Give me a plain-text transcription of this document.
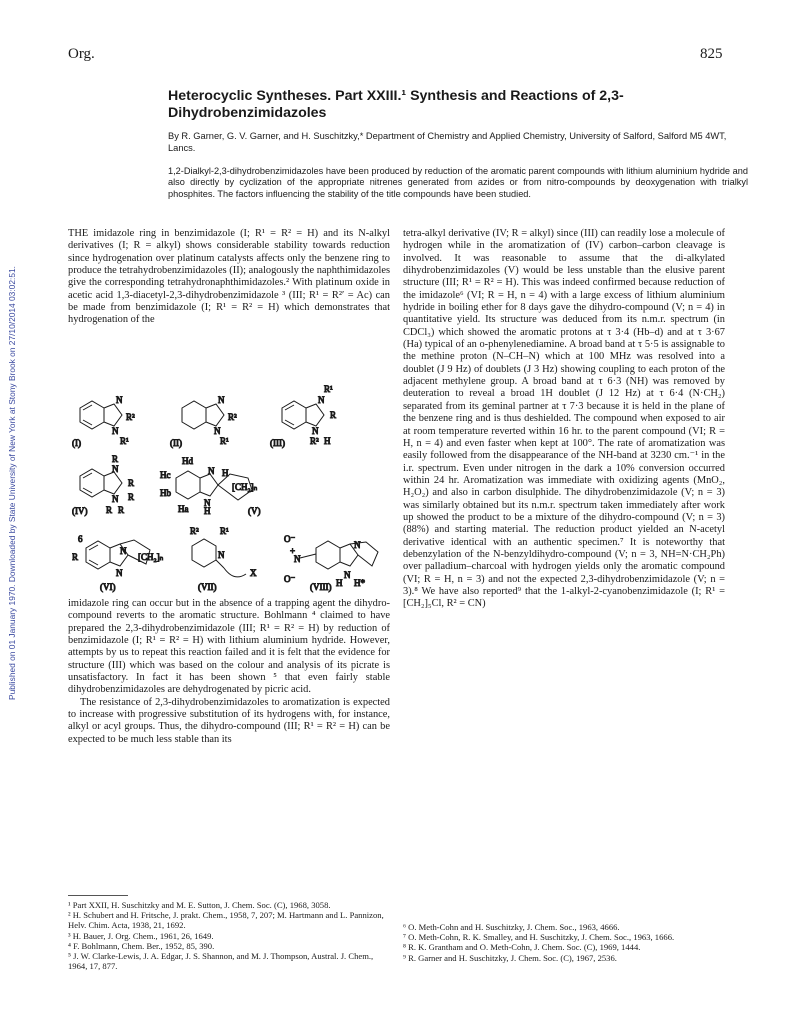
Published on 01 January 1970. Downloaded by State University of New York at Stony Brook on 27/10/2014 03:02:51.
Org.	825
Heterocyclic Syntheses. Part XXIII.¹ Synthesis and Reactions of 2,3-Dihydrobenzimidazoles
By R. Garner, G. V. Garner, and H. Suschitzky,* Department of Chemistry and Applied Chemistry, University of Salford, Salford M5 4WT, Lancs.
1,2-Dialkyl-2,3-dihydrobenzimidazoles have been produced by reduction of the aromatic parent compounds with lithium aluminium hydride and also directly by cyclization of the appropriate nitrenes generated from azides or from nitro-compounds by deoxygenation with trialkyl phosphites. The factors influencing the stability of the title compounds have been studied.

THE imidazole ring in benzimidazole (I; R¹ = R² = H) and its N-alkyl derivatives (I; R = alkyl) shows considerable stability towards reduction since hydrogenation over platinum catalysts affects only the benzene ring to produce the tetrahydrobenzimidazoles (II); analogously the naphthimidazoles give the corresponding tetrahydronaphthimidazoles.² With platinum oxide in acetic acid 1,3-diacetyl-2,3-dihydrobenzimidazole ³ (III; R¹ = R²′ = Ac) can be made from benzimidazole (I; R¹ = R² = H) which demonstrates that hydrogenation of the

N
N
R¹
R²
(I)
N
N
R¹
R²
(II)
R¹
N
R
N
R² H
(III)
R
N
R
R
N
R R
(IV)
Hd
Hc
Hb
Ha
N H
N
H
[CH₂]ₙ
(V)
6
R
N
N
[CH₂]ₙ
(VI)
R² R¹
N
X
(VII)
O⁻
N
O⁻
+
N
N
H H*
(VIII)

imidazole ring can occur but in the absence of a trapping agent the dihydro-compound reverts to the aromatic structure. Bohlmann ⁴ claimed to have prepared the 2,3-dihydrobenzimidazole (III; R¹ = R² = H) by reduction of benzimidazole (I; R¹ = R² = H) with lithium aluminium hydride. However, attempts by us to repeat this reaction failed and it is felt that the evidence for structure (III) which was based on the colour and analysis of its picrate is unsatisfactory. In fact it has been shown ⁵ that even fairly stable dihydrobenzimidazoles are dehydrogenated by picric acid.

The resistance of 2,3-dihydrobenzimidazoles to aromatization is expected to increase with progressive substitution of its hydrogens with, for instance, alkyl or acyl groups. Thus, the dihydro-compound (III; R¹ = R² = H) can be expected to be much less stable than its

tetra-alkyl derivative (IV; R = alkyl) since (III) can readily lose a molecule of hydrogen while in the aromatization of (IV) carbon–carbon cleavage is involved. It was reasonable to assume that the di-alkylated dihydrobenzimidazoles (V) would be less unstable than the elusive parent structure (III; R¹ = R² = H). This was indeed confirmed because reduction of the imidazole⁶ (VI; R = H, n = 4) with a large excess of lithium aluminium hydride in boiling ether for 8 days gave the dihydro-compound (V; n = 4) in quantitative yield. Its structure was deduced from its n.m.r. spectrum (in CDCl₃) which showed the aromatic protons at τ 3·4 (Hb–d) and at τ 3·67 (Ha) typical of an o-phenylenediamine. A broad band at τ 5·5 is assignable to the methine proton (N–CH–N) which at 100 MHz was resolved into a doublet (J 9 Hz) of doublets (J 3 Hz) showing coupling to each proton of the adjacent methylene group. A broad band at τ 6·3 (NH) was removed by deuteration to reveal a broad 1H doublet (J 12 Hz) at τ 6·4 (N·CH₂) separated from its geminal partner at τ 7·3 because it is held in the plane of the benzene ring and is thus deshielded. The compound when exposed to air at room temperature reverted within 16 hr. to the parent compound (VI; R = H, n = 4) and even faster when kept at 100°. The rate of aromatization was easily followed from the disappearance of the NH-band at 3230 cm.⁻¹ in the i.r. spectrum. Even under nitrogen in the dark a 10% conversion occurred within 24 hr. Aromatization was immediate with oxidizing agents (MnO₂, H₂O₂) and also in carbon disulphide. The dihydrobenzimidazole (V; n = 3) was similarly obtained but its n.m.r. spectrum taken immediately after work up showed the product to be a mixture of the dihydro-compound (V; n = 3) (88%) and starting material. The reduction product yielded an N-acetyl derivative identical with an authentic specimen.⁷ It is noteworthy that debenzylation of the N-benzyldihydro-compound (V; n = 3, NH=N·CH₂Ph) over palladium–charcoal with hydrogen yields only the aromatic compound (VI; R = H, n = 3) and not the expected 2,3-dihydrobenzimidazole (V; n = 3).⁸ We have also reported⁹ that the 1-alkyl-2-cyanobenzimidazole (I; R¹ = [CH₂]₅Cl, R² = CN)

¹ Part XXII, H. Suschitzky and M. E. Sutton, J. Chem. Soc. (C), 1968, 3058.

² H. Schubert and H. Fritsche, J. prakt. Chem., 1958, 7, 207; M. Hartmann and L. Pannizon, Helv. Chim. Acta, 1938, 21, 1692.

³ H. Bauer, J. Org. Chem., 1961, 26, 1649.

⁴ F. Bohlmann, Chem. Ber., 1952, 85, 390.

⁵ J. W. Clarke-Lewis, J. A. Edgar, J. S. Shannon, and M. J. Thompson, Austral. J. Chem., 1964, 17, 877.

⁶ O. Meth-Cohn and H. Suschitzky, J. Chem. Soc., 1963, 4666.

⁷ O. Meth-Cohn, R. K. Smalley, and H. Suschitzky, J. Chem. Soc., 1963, 1666.

⁸ R. K. Grantham and O. Meth-Cohn, J. Chem. Soc. (C), 1969, 1444.

⁹ R. Garner and H. Suschitzky, J. Chem. Soc. (C), 1967, 2536.
